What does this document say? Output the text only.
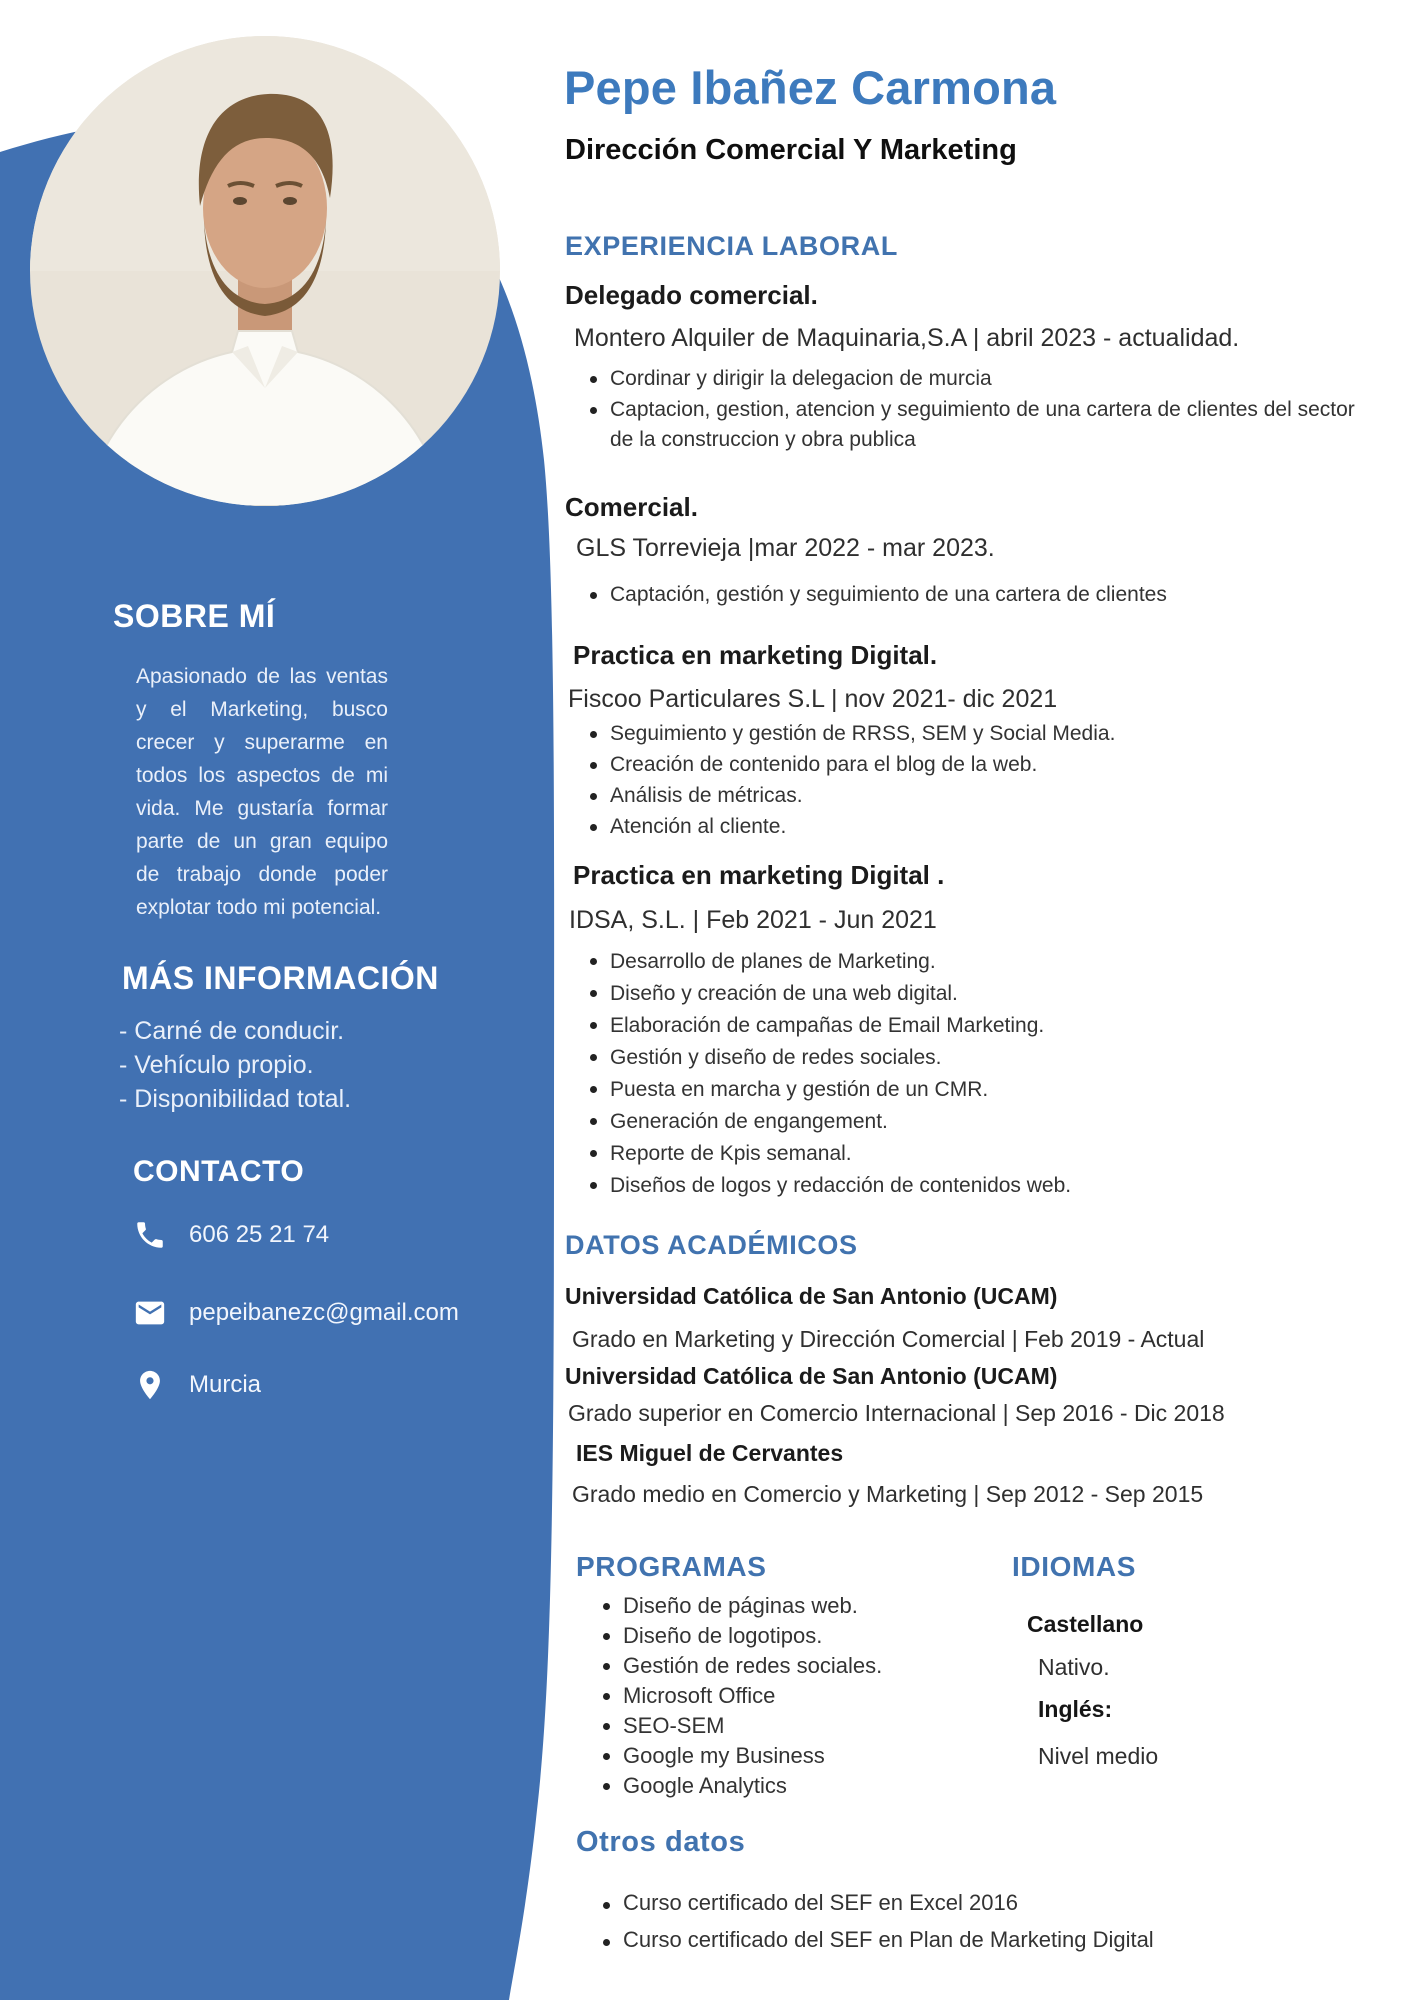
SOBRE MÍ
Apasionado de las ventas y el Marketing, busco crecer y superarme en todos los aspectos de mi vida. Me gustaría formar parte de un gran equipo de trabajo donde poder explotar todo mi potencial.
MÁS INFORMACIÓN
- Carné de conducir.
- Vehículo propio.
- Disponibilidad total.
CONTACTO
606 25 21 74
pepeibanezc@gmail.com
Murcia
Pepe Ibañez Carmona
Dirección Comercial Y Marketing
EXPERIENCIA LABORAL
Delegado comercial.
Montero Alquiler de Maquinaria,S.A | abril 2023 - actualidad.
Cordinar y dirigir la delegacion de murcia
Captacion, gestion, atencion y seguimiento de una cartera de clientes del sector de la construccion y obra publica
Comercial.
GLS Torrevieja |mar 2022 - mar 2023.
Captación, gestión y seguimiento de una cartera de clientes
Practica en marketing Digital.
Fiscoo Particulares S.L | nov 2021- dic 2021
Seguimiento y gestión de RRSS, SEM y Social Media.
Creación de contenido para el blog de la web.
Análisis de métricas.
Atención al cliente.
Practica en marketing Digital .
IDSA, S.L. | Feb 2021 - Jun 2021
Desarrollo de planes de Marketing.
Diseño y creación de una web digital.
Elaboración de campañas de Email Marketing.
Gestión y diseño de redes sociales.
Puesta en marcha y gestión de un CMR.
Generación de engangement.
Reporte de Kpis semanal.
Diseños de logos y redacción de contenidos web.
DATOS ACADÉMICOS
Universidad Católica de San Antonio (UCAM)
Grado en Marketing y Dirección Comercial | Feb 2019 - Actual
Universidad Católica de San Antonio (UCAM)
Grado superior en Comercio Internacional | Sep 2016 - Dic 2018
IES Miguel de Cervantes
Grado medio en Comercio y Marketing | Sep 2012 - Sep 2015
PROGRAMAS
Diseño de páginas web.
Diseño de logotipos.
Gestión de redes sociales.
Microsoft Office
SEO-SEM
Google my Business
Google Analytics
IDIOMAS
Castellano
Nativo.
Inglés:
Nivel medio
Otros datos
Curso certificado del SEF en Excel 2016
Curso certificado del SEF en Plan de Marketing Digital
